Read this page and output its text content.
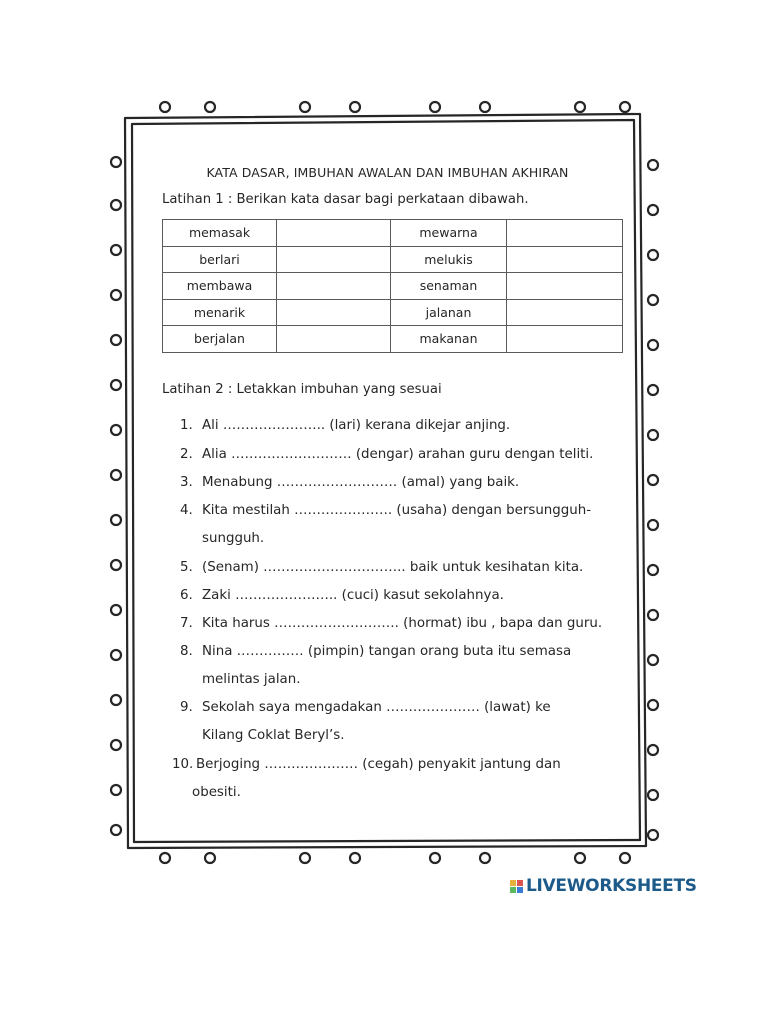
KATA DASAR, IMBUHAN AWALAN DAN IMBUHAN AKHIRAN
Latihan 1 : Berikan kata dasar bagi perkataan dibawah.
memasak		mewarna	
berlari		melukis	
membawa		senaman	
menarik		jalanan	
berjalan		makanan	
Latihan 2 : Letakkan imbuhan yang sesuai
1. Ali ………………….. (lari) kerana dikejar anjing.
2. Alia ……………………… (dengar) arahan guru dengan teliti.
3. Menabung ……………………… (amal) yang baik.
4. Kita mestilah …………………. (usaha) dengan bersungguh-
sungguh.
5. (Senam) ………………………….. baik untuk kesihatan kita.
6. Zaki ………………….. (cuci) kasut sekolahnya.
7. Kita harus ………………………. (hormat) ibu , bapa dan guru.
8. Nina …………… (pimpin) tangan orang buta itu semasa
melintas jalan.
9. Sekolah saya mengadakan ………………… (lawat) ke
Kilang Coklat Beryl’s.
10. Berjoging ………………… (cegah) penyakit jantung dan
obesiti.
LIVEWORKSHEETS
